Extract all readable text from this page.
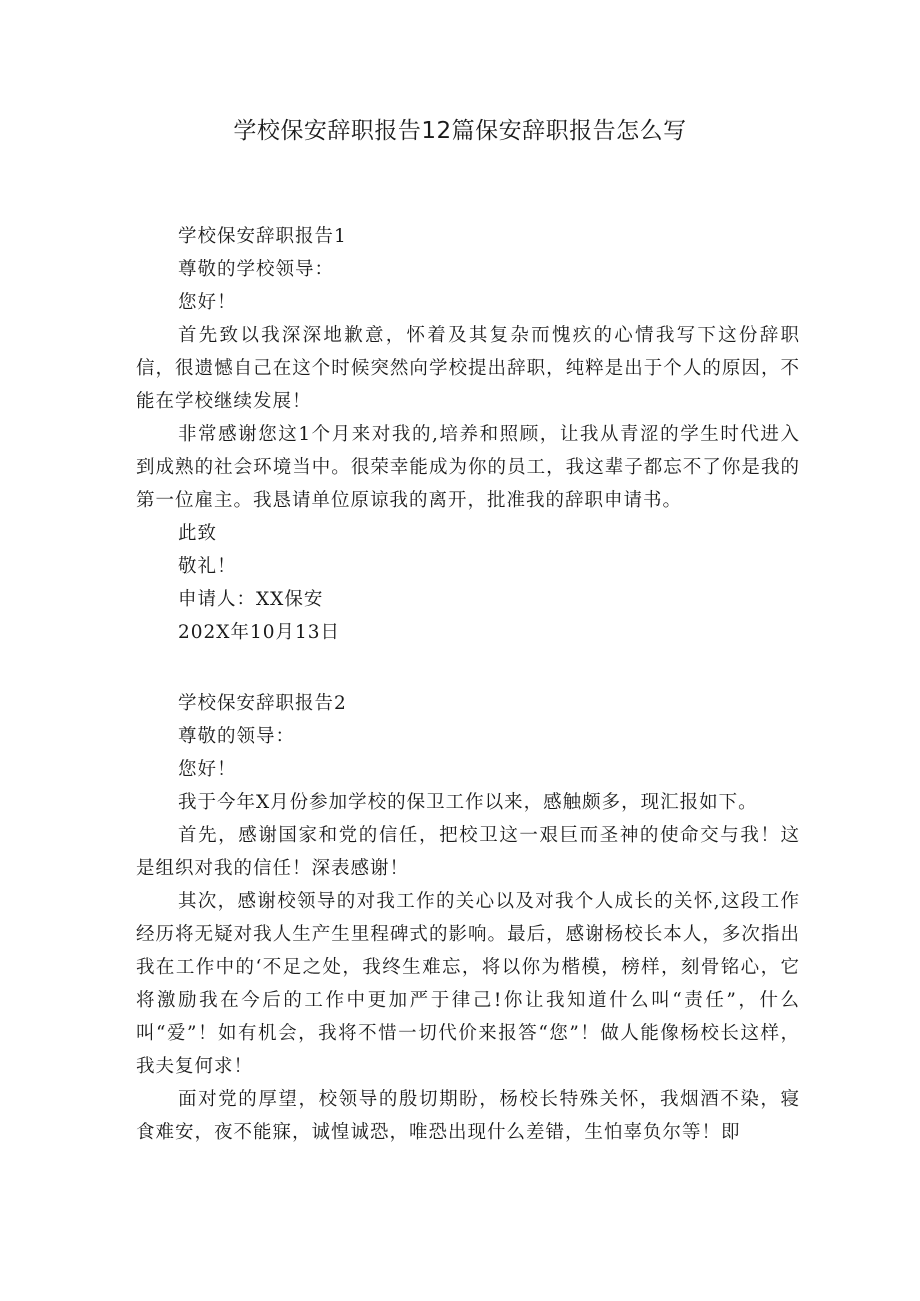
学校保安辞职报告12篇保安辞职报告怎么写

学校保安辞职报告1

尊敬的学校领导：

您好！

首先致以我深深地歉意，怀着及其复杂而愧疚的心情我写下这份辞职信，很遗憾自己在这个时候突然向学校提出辞职，纯粹是出于个人的原因，不能在学校继续发展！

非常感谢您这1个月来对我的,培养和照顾，让我从青涩的学生时代进入到成熟的社会环境当中。很荣幸能成为你的员工，我这辈子都忘不了你是我的第一位雇主。我恳请单位原谅我的离开，批准我的辞职申请书。

此致

敬礼！

申请人：XX保安

202X年10月13日

学校保安辞职报告2

尊敬的领导：

您好！

我于今年X月份参加学校的保卫工作以来，感触颇多，现汇报如下。

首先，感谢国家和党的信任，把校卫这一艰巨而圣神的使命交与我！这是组织对我的信任！深表感谢！

其次，感谢校领导的对我工作的关心以及对我个人成长的关怀,这段工作经历将无疑对我人生产生里程碑式的影响。最后，感谢杨校长本人，多次指出我在工作中的‘不足之处，我终生难忘，将以你为楷模，榜样，刻骨铭心，它将激励我在今后的工作中更加严于律己!你让我知道什么叫“责任”，什么叫“爱”！如有机会，我将不惜一切代价来报答“您”！做人能像杨校长这样，我夫复何求！

面对党的厚望，校领导的殷切期盼，杨校长特殊关怀，我烟酒不染，寝食难安，夜不能寐，诚惶诚恐，唯恐出现什么差错，生怕辜负尔等！即
